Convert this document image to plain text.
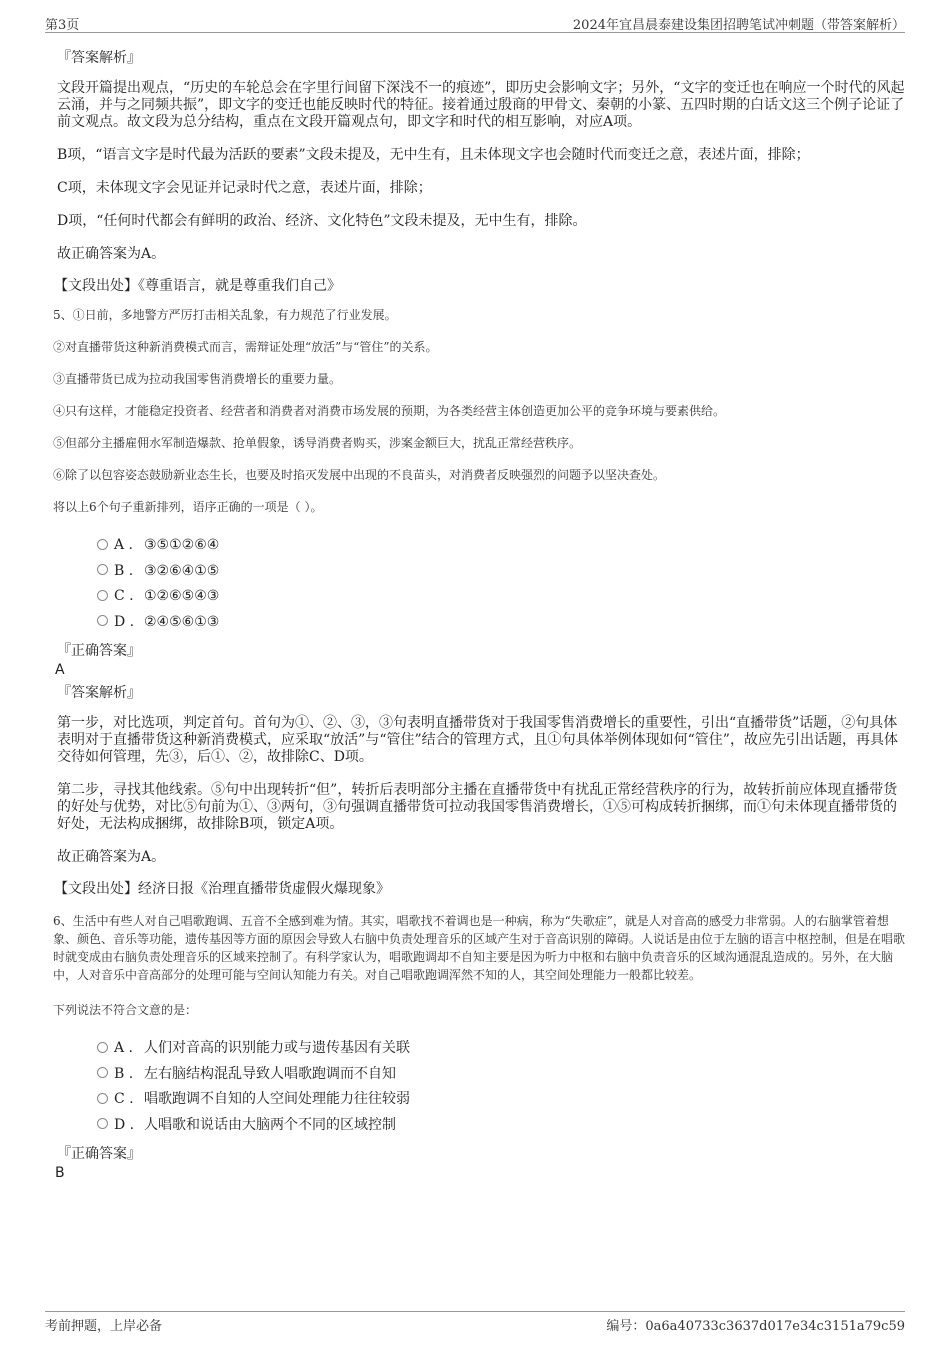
第3页	2024年宜昌晨泰建设集团招聘笔试冲刺题（带答案解析）
『答案解析』

文段开篇提出观点，“历史的车轮总会在字里行间留下深浅不一的痕迹”，即历史会影响文字；另外，“文字的变迁也在响应一个时代的风起云涌，并与之同频共振”，即文字的变迁也能反映时代的特征。接着通过殷商的甲骨文、秦朝的小篆、五四时期的白话文这三个例子论证了前文观点。故文段为总分结构，重点在文段开篇观点句，即文字和时代的相互影响，对应A项。

B项，“语言文字是时代最为活跃的要素”文段未提及，无中生有，且未体现文字也会随时代而变迁之意，表述片面，排除；

C项，未体现文字会见证并记录时代之意，表述片面，排除；

D项，“任何时代都会有鲜明的政治、经济、文化特色”文段未提及，无中生有，排除。

故正确答案为A。

【文段出处】《尊重语言，就是尊重我们自己》
5、①日前，多地警方严厉打击相关乱象，有力规范了行业发展。
②对直播带货这种新消费模式而言，需辩证处理“放活”与“管住”的关系。
③直播带货已成为拉动我国零售消费增长的重要力量。
④只有这样，才能稳定投资者、经营者和消费者对消费市场发展的预期，为各类经营主体创造更加公平的竞争环境与要素供给。
⑤但部分主播雇佣水军制造爆款、抢单假象，诱导消费者购买，涉案金额巨大，扰乱正常经营秩序。
⑥除了以包容姿态鼓励新业态生长，也要及时掐灭发展中出现的不良苗头，对消费者反映强烈的问题予以坚决查处。
将以上6个句子重新排列，语序正确的一项是（ ）。
A . ③⑤①②⑥④
B . ③②⑥④①⑤
C . ①②⑥⑤④③
D . ②④⑤⑥①③
『正确答案』
A
『答案解析』

第一步，对比选项，判定首句。首句为①、②、③，③句表明直播带货对于我国零售消费增长的重要性，引出“直播带货”话题，②句具体表明对于直播带货这种新消费模式，应采取“放活”与“管住”结合的管理方式，且①句具体举例体现如何“管住”，故应先引出话题，再具体交待如何管理，先③，后①、②，故排除C、D项。

第二步，寻找其他线索。⑤句中出现转折“但”，转折后表明部分主播在直播带货中有扰乱正常经营秩序的行为，故转折前应体现直播带货的好处与优势，对比⑤句前为①、③两句，③句强调直播带货可拉动我国零售消费增长，①⑤可构成转折捆绑，而①句未体现直播带货的好处，无法构成捆绑，故排除B项，锁定A项。

故正确答案为A。

【文段出处】经济日报《治理直播带货虚假火爆现象》
6、生活中有些人对自己唱歌跑调、五音不全感到难为情。其实，唱歌找不着调也是一种病，称为“失歌症”，就是人对音高的感受力非常弱。人的右脑掌管着想象、颜色、音乐等功能，遗传基因等方面的原因会导致人右脑中负责处理音乐的区域产生对于音高识别的障碍。人说话是由位于左脑的语言中枢控制，但是在唱歌时就变成由右脑负责处理音乐的区域来控制了。有科学家认为，唱歌跑调却不自知主要是因为听力中枢和右脑中负责音乐的区域沟通混乱造成的。另外，在大脑中，人对音乐中音高部分的处理可能与空间认知能力有关。对自己唱歌跑调浑然不知的人，其空间处理能力一般都比较差。
下列说法不符合文意的是：
A . 人们对音高的识别能力或与遗传基因有关联
B . 左右脑结构混乱导致人唱歌跑调而不自知
C . 唱歌跑调不自知的人空间处理能力往往较弱
D . 人唱歌和说话由大脑两个不同的区域控制
『正确答案』
B
考前押题，上岸必备	编号：0a6a40733c3637d017e34c3151a79c59
